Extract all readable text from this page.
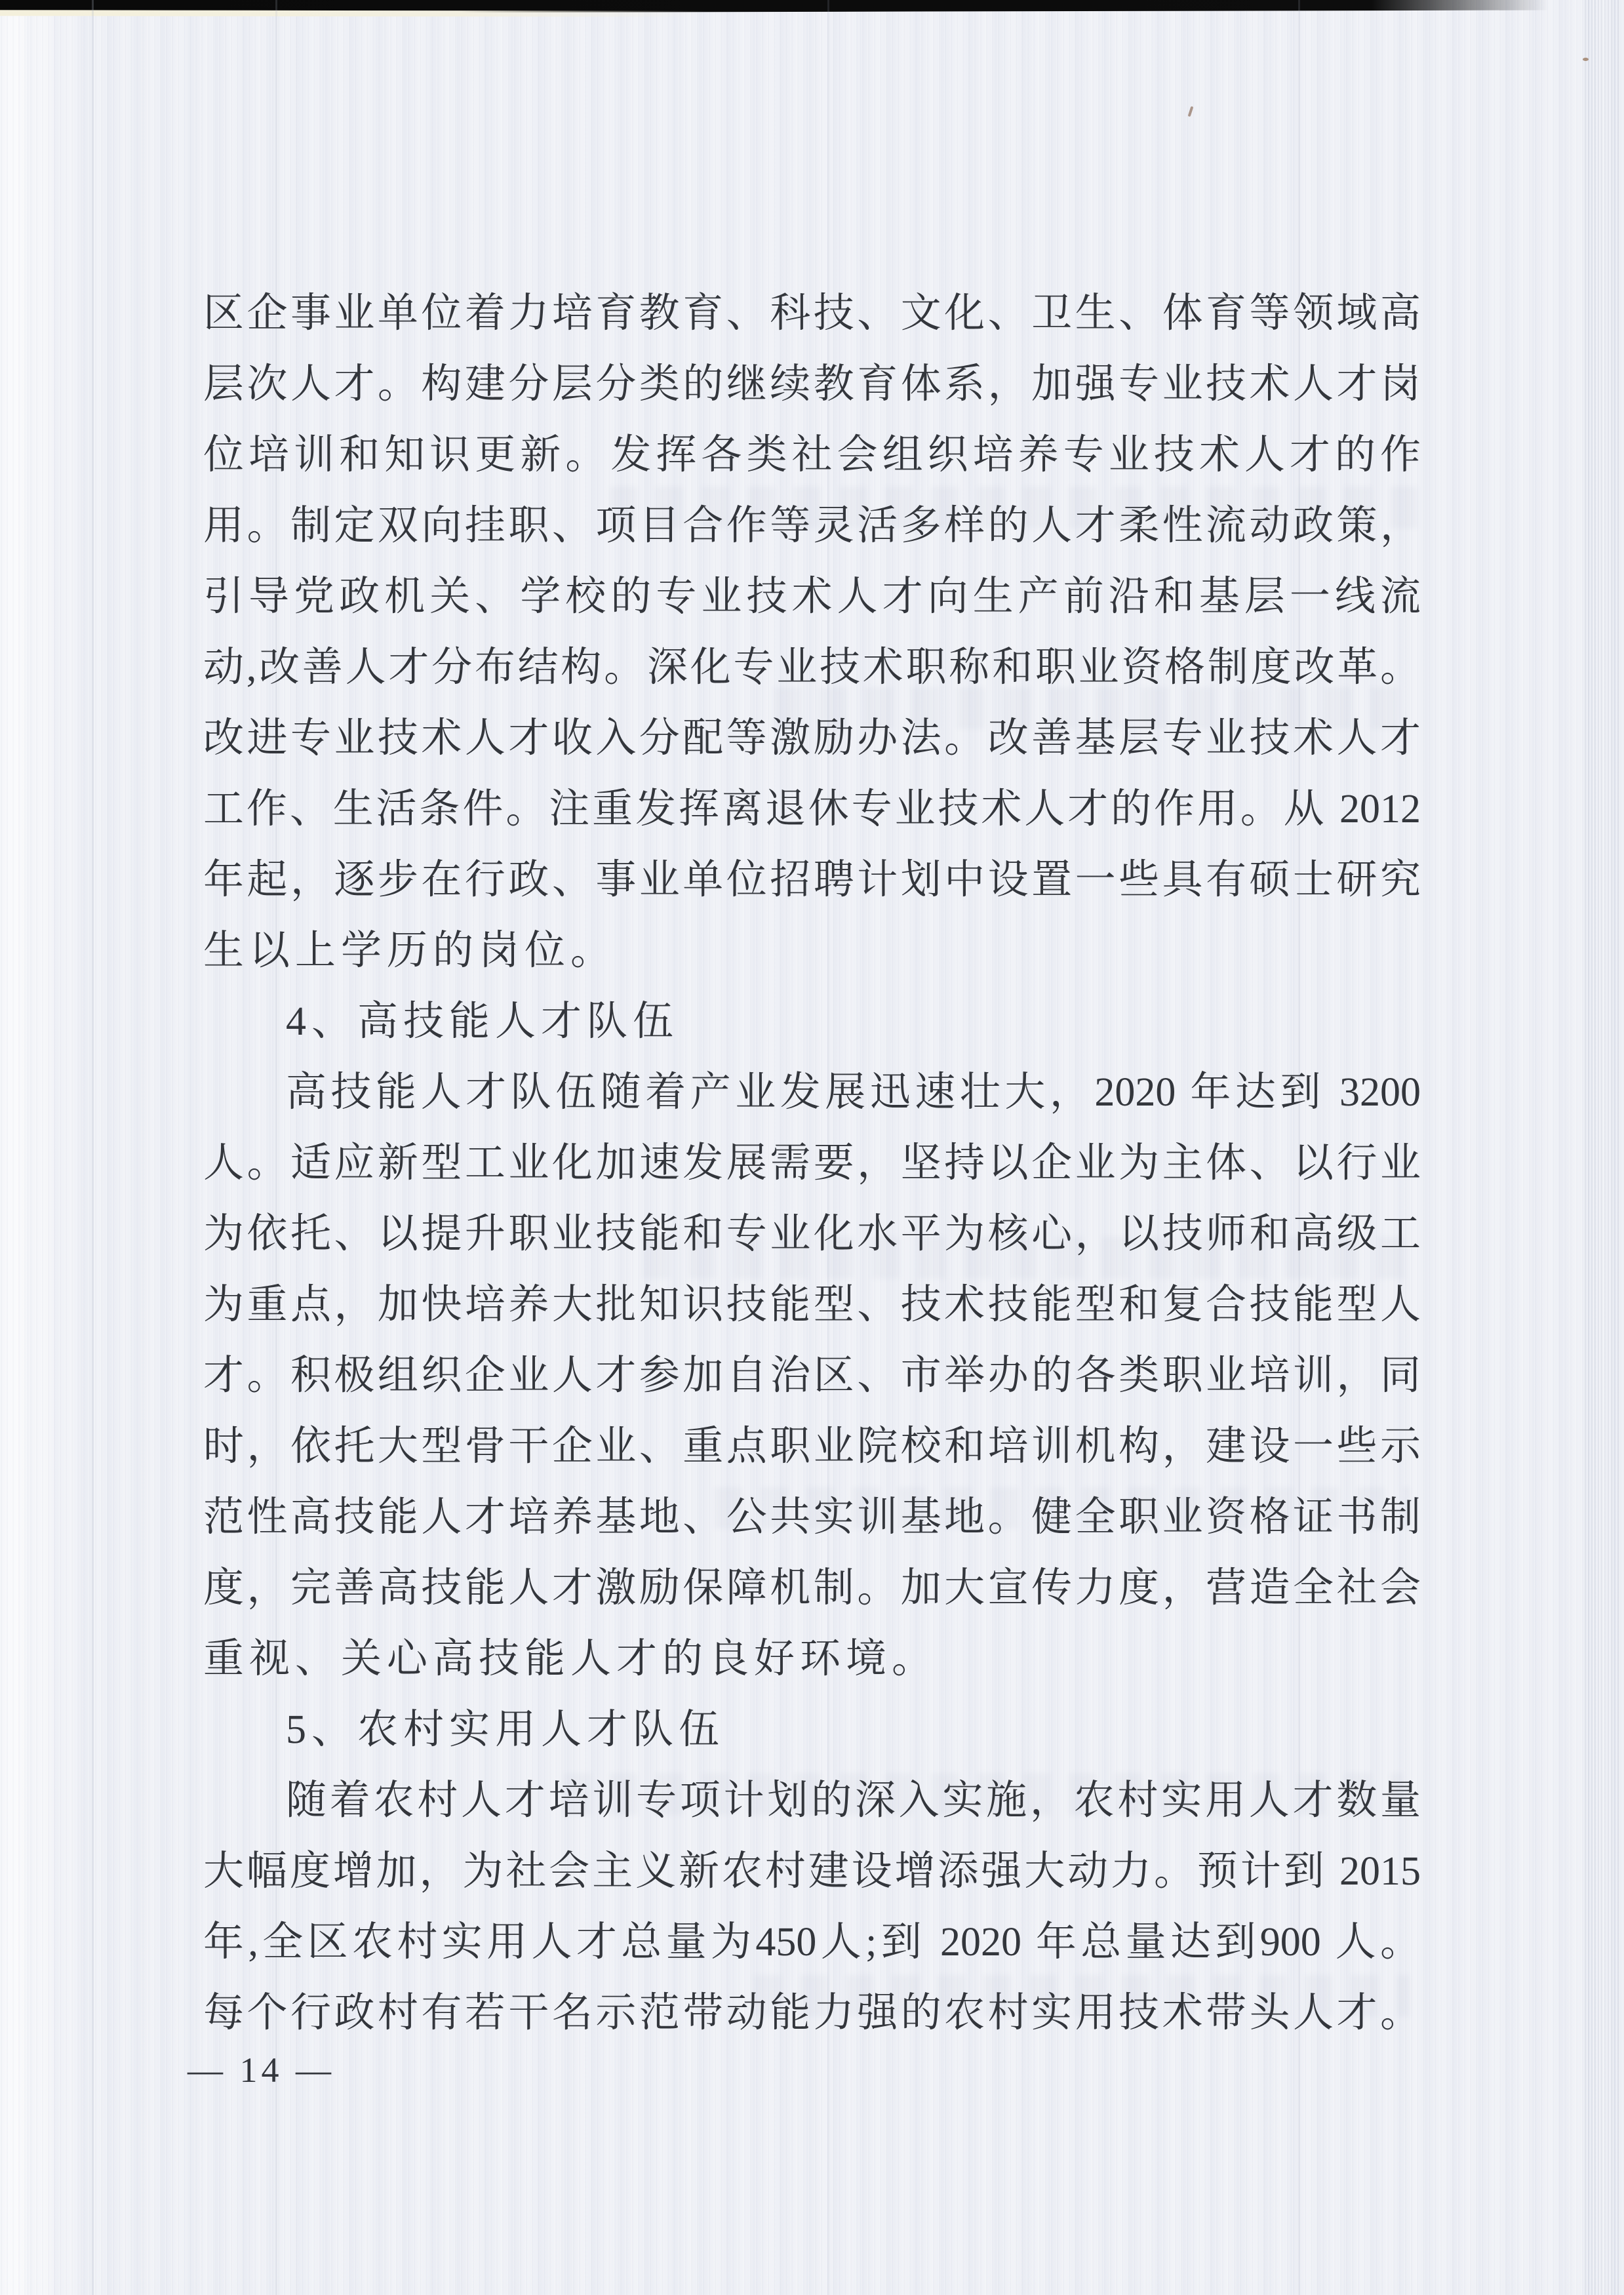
区企事业单位着力培育教育、科技、文化、卫生、体育等领域高
层次人才。构建分层分类的继续教育体系，加强专业技术人才岗
位培训和知识更新。发挥各类社会组织培养专业技术人才的作
用。制定双向挂职、项目合作等灵活多样的人才柔性流动政策，
引导党政机关、学校的专业技术人才向生产前沿和基层一线流
动,改善人才分布结构。深化专业技术职称和职业资格制度改革。
改进专业技术人才收入分配等激励办法。改善基层专业技术人才
工作、生活条件。注重发挥离退休专业技术人才的作用。从 2012
年起，逐步在行政、事业单位招聘计划中设置一些具有硕士研究
生以上学历的岗位。
4、高技能人才队伍
高技能人才队伍随着产业发展迅速壮大，2020 年达到 3200
人。适应新型工业化加速发展需要，坚持以企业为主体、以行业
为依托、以提升职业技能和专业化水平为核心，以技师和高级工
为重点，加快培养大批知识技能型、技术技能型和复合技能型人
才。积极组织企业人才参加自治区、市举办的各类职业培训，同
时，依托大型骨干企业、重点职业院校和培训机构，建设一些示
范性高技能人才培养基地、公共实训基地。健全职业资格证书制
度，完善高技能人才激励保障机制。加大宣传力度，营造全社会
重视、关心高技能人才的良好环境。
5、农村实用人才队伍
随着农村人才培训专项计划的深入实施，农村实用人才数量
大幅度增加，为社会主义新农村建设增添强大动力。预计到 2015
年,全区农村实用人才总量为450人;到 2020 年总量达到900 人。
每个行政村有若干名示范带动能力强的农村实用技术带头人才。
— 14 —
